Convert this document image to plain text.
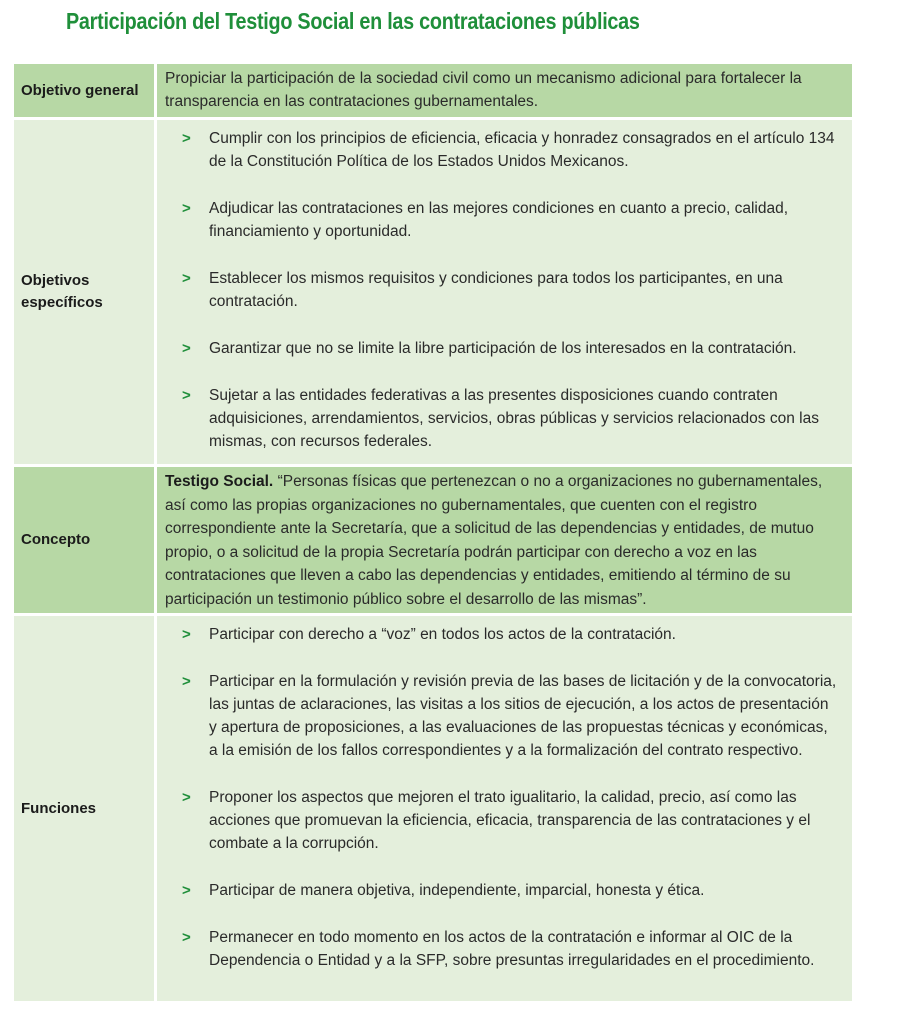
Participación del Testigo Social en las contrataciones públicas
Objetivo general
Propiciar la participación de la sociedad civil como un mecanismo adicional para fortalecer la transparencia en las contrataciones gubernamentales.
Objetivos específicos
> Cumplir con los principios de eficiencia, eficacia y honradez consagrados en el artículo 134 de la Constitución Política de los Estados Unidos Mexicanos.
> Adjudicar las contrataciones en las mejores condiciones en cuanto a precio, calidad, financiamiento y oportunidad.
> Establecer los mismos requisitos y condiciones para todos los participantes, en una contratación.
> Garantizar que no se limite la libre participación de los interesados en la contratación.
> Sujetar a las entidades federativas a las presentes disposiciones cuando contraten adquisiciones, arrendamientos, servicios, obras públicas y servicios relacionados con las mismas, con recursos federales.
Concepto
Testigo Social. “Personas físicas que pertenezcan o no a organizaciones no gubernamentales, así como las propias organizaciones no gubernamentales, que cuenten con el registro correspondiente ante la Secretaría, que a solicitud de las dependencias y entidades, de mutuo propio, o a solicitud de la propia Secretaría podrán participar con derecho a voz en las contrataciones que lleven a cabo las dependencias y entidades, emitiendo al término de su participación un testimonio público sobre el desarrollo de las mismas”.
Funciones
> Participar con derecho a “voz” en todos los actos de la contratación.
> Participar en la formulación y revisión previa de las bases de licitación y de la convocatoria, las juntas de aclaraciones, las visitas a los sitios de ejecución, a los actos de presentación y apertura de proposiciones, a las evaluaciones de las propuestas técnicas y económicas, a la emisión de los fallos correspondientes y a la formalización del contrato respectivo.
> Proponer los aspectos que mejoren el trato igualitario, la calidad, precio, así como las acciones que promuevan la eficiencia, eficacia, transparencia de las contrataciones y el combate a la corrupción.
> Participar de manera objetiva, independiente, imparcial, honesta y ética.
> Permanecer en todo momento en los actos de la contratación e informar al OIC de la Dependencia o Entidad y a la SFP, sobre presuntas irregularidades en el procedimiento.
